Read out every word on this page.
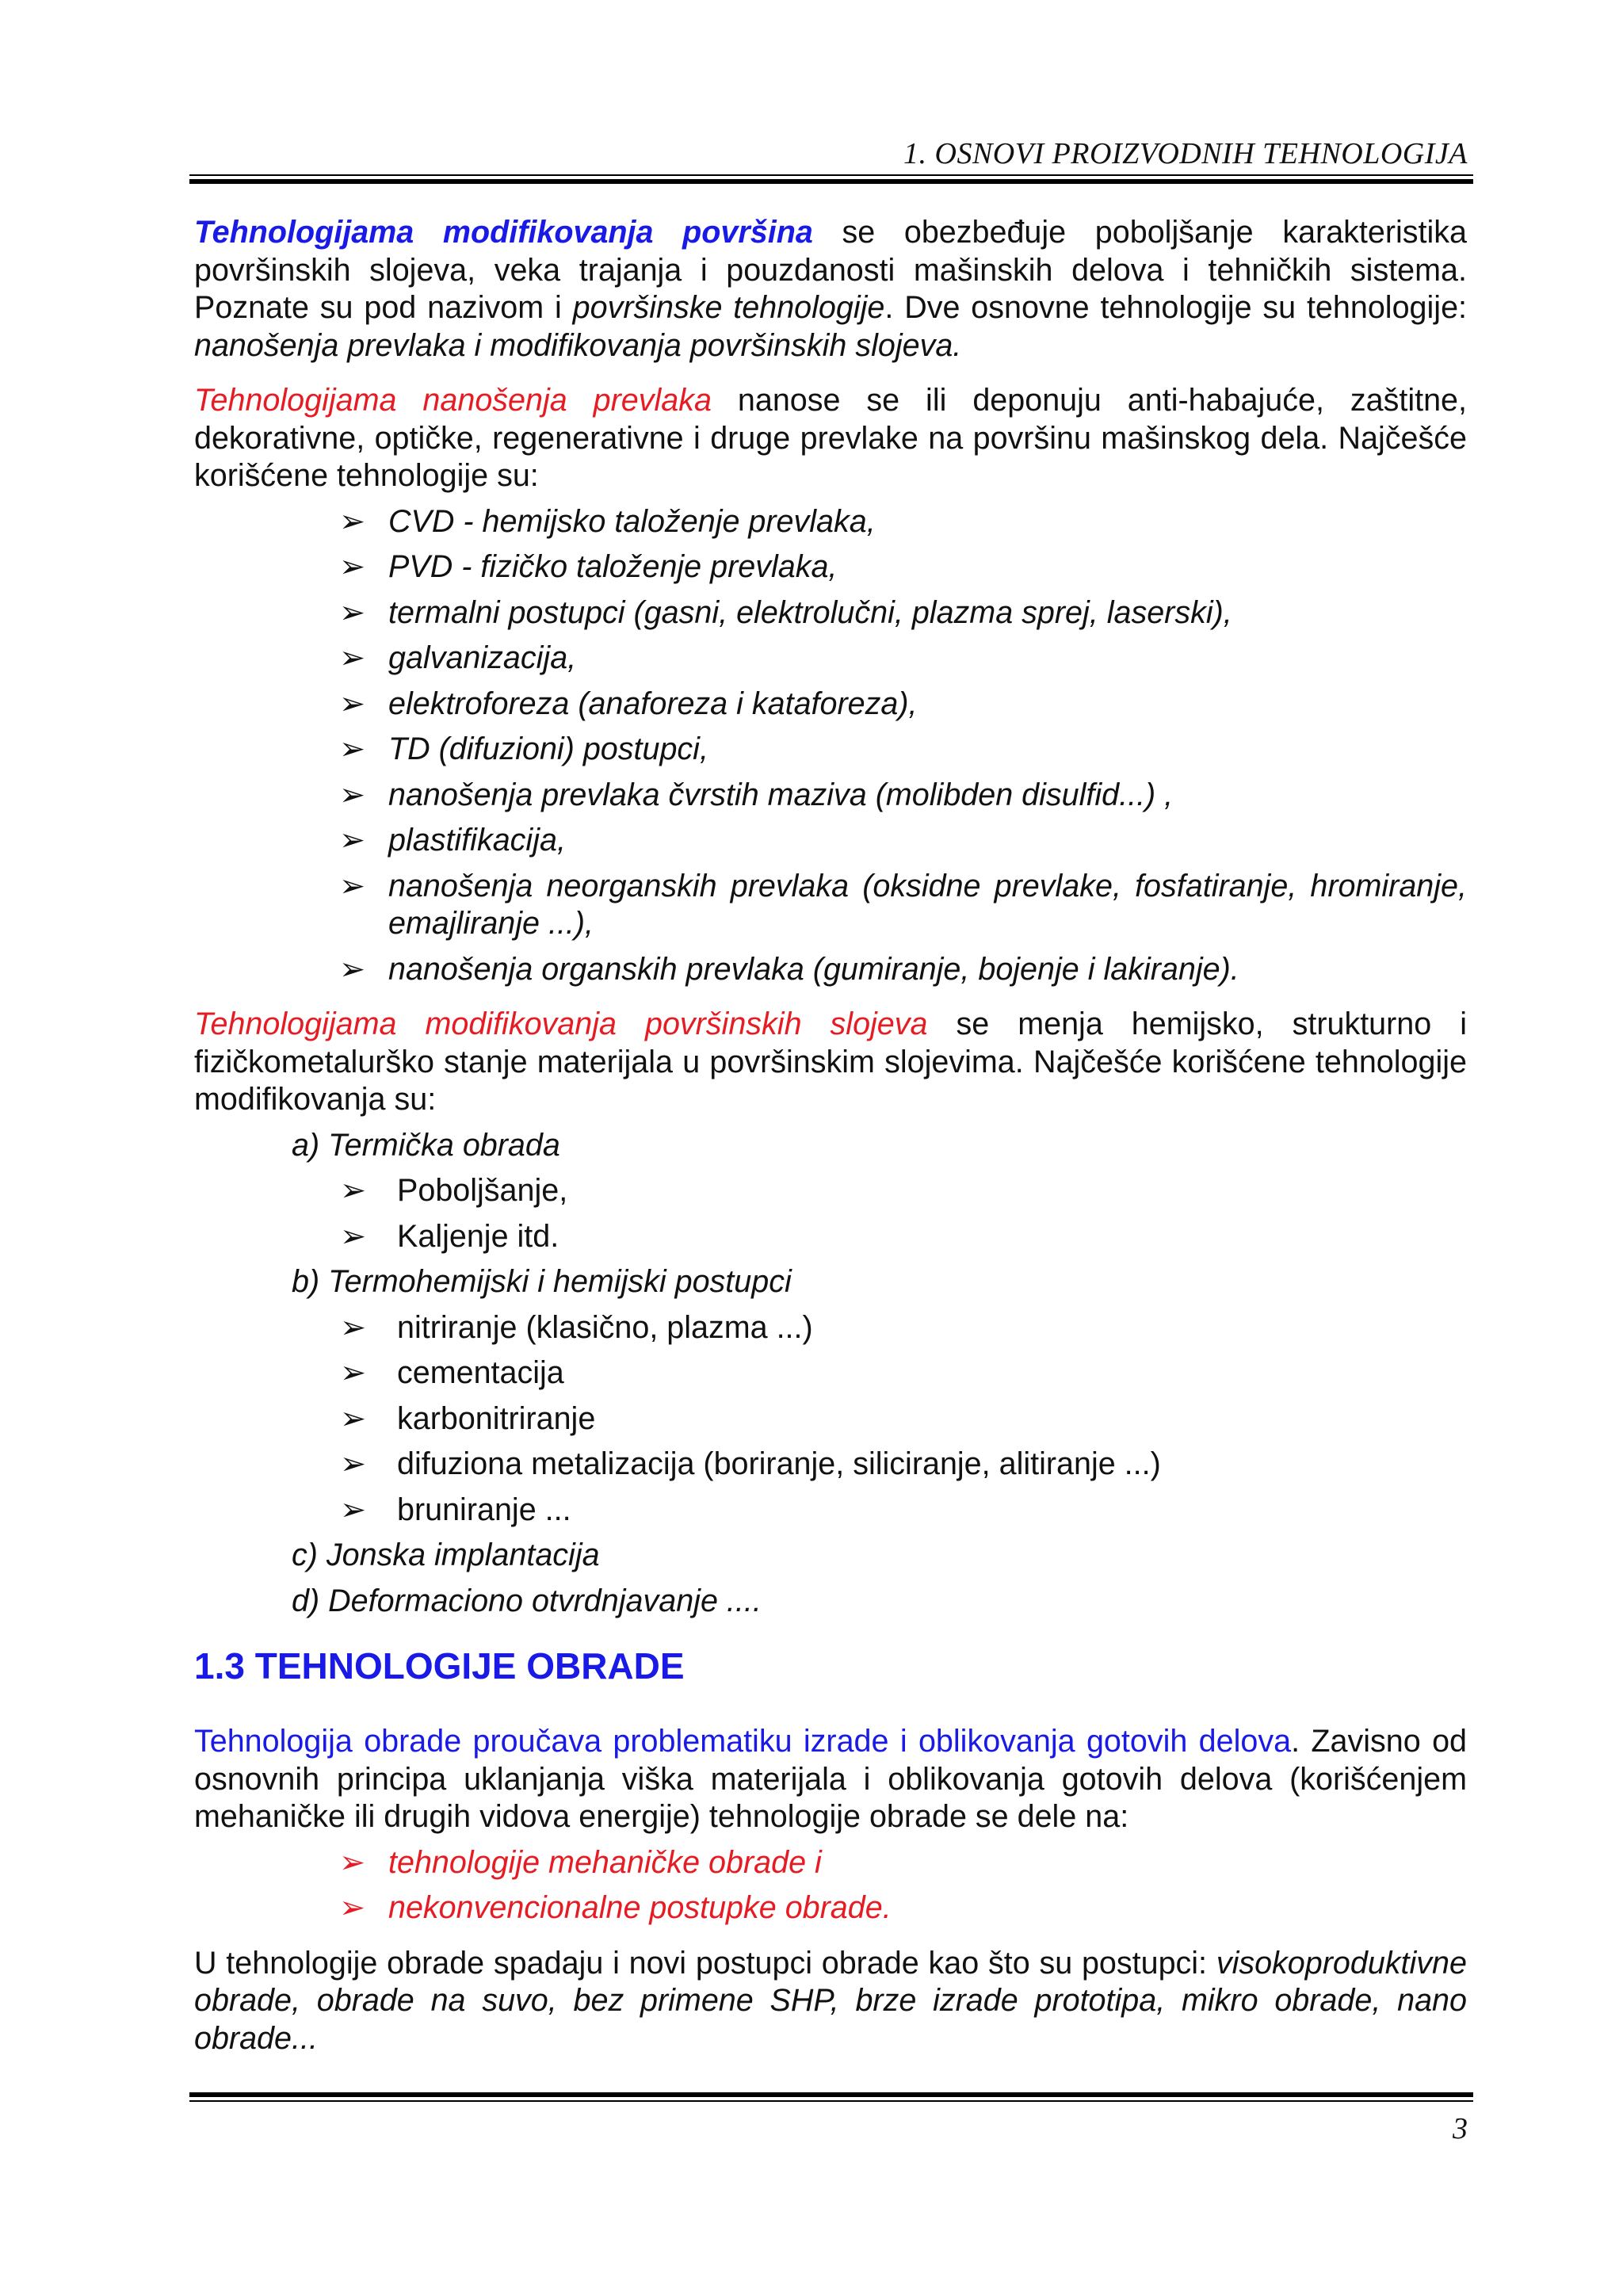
1. OSNOVI PROIZVODNIH TEHNOLOGIJA

Tehnologijama modifikovanja površina se obezbeđuje poboljšanje karakteristika površinskih slojeva, veka trajanja i pouzdanosti mašinskih delova i tehničkih sistema. Poznate su pod nazivom i površinske tehnologije. Dve osnovne tehnologije su tehnologije: nanošenja prevlaka i modifikovanja površinskih slojeva.

Tehnologijama nanošenja prevlaka nanose se ili deponuju anti-habajuće, zaštitne, dekorativne, optičke, regenerativne i druge prevlake na površinu mašinskog dela. Najčešće korišćene tehnologije su:

➢ CVD - hemijsko taloženje prevlaka,
➢ PVD - fizičko taloženje prevlaka,
➢ termalni postupci (gasni, elektrolučni, plazma sprej, laserski),
➢ galvanizacija,
➢ elektroforeza (anaforeza i kataforeza),
➢ TD (difuzioni) postupci,
➢ nanošenja prevlaka čvrstih maziva (molibden disulfid...) ,
➢ plastifikacija,
➢ nanošenja neorganskih prevlaka (oksidne prevlake, fosfatiranje, hromiranje, emajliranje ...),
➢ nanošenja organskih prevlaka (gumiranje, bojenje i lakiranje).

Tehnologijama modifikovanja površinskih slojeva se menja hemijsko, strukturno i fizičkometalurško stanje materijala u površinskim slojevima. Najčešće korišćene tehnologije modifikovanja su:

a) Termička obrada
➢ Poboljšanje,
➢ Kaljenje itd.
b) Termohemijski i hemijski postupci
➢ nitriranje (klasično, plazma ...)
➢ cementacija
➢ karbonitriranje
➢ difuziona metalizacija (boriranje, siliciranje, alitiranje ...)
➢ bruniranje ...
c) Jonska implantacija
d) Deformaciono otvrdnjavanje ....
1.3 TEHNOLOGIJE OBRADE

Tehnologija obrade proučava problematiku izrade i oblikovanja gotovih delova. Zavisno od osnovnih principa uklanjanja viška materijala i oblikovanja gotovih delova (korišćenjem mehaničke ili drugih vidova energije) tehnologije obrade se dele na:

➢ tehnologije mehaničke obrade i
➢ nekonvencionalne postupke obrade.

U tehnologije obrade spadaju i novi postupci obrade kao što su postupci: visokoproduktivne obrade, obrade na suvo, bez primene SHP, brze izrade prototipa, mikro obrade, nano obrade...

3
